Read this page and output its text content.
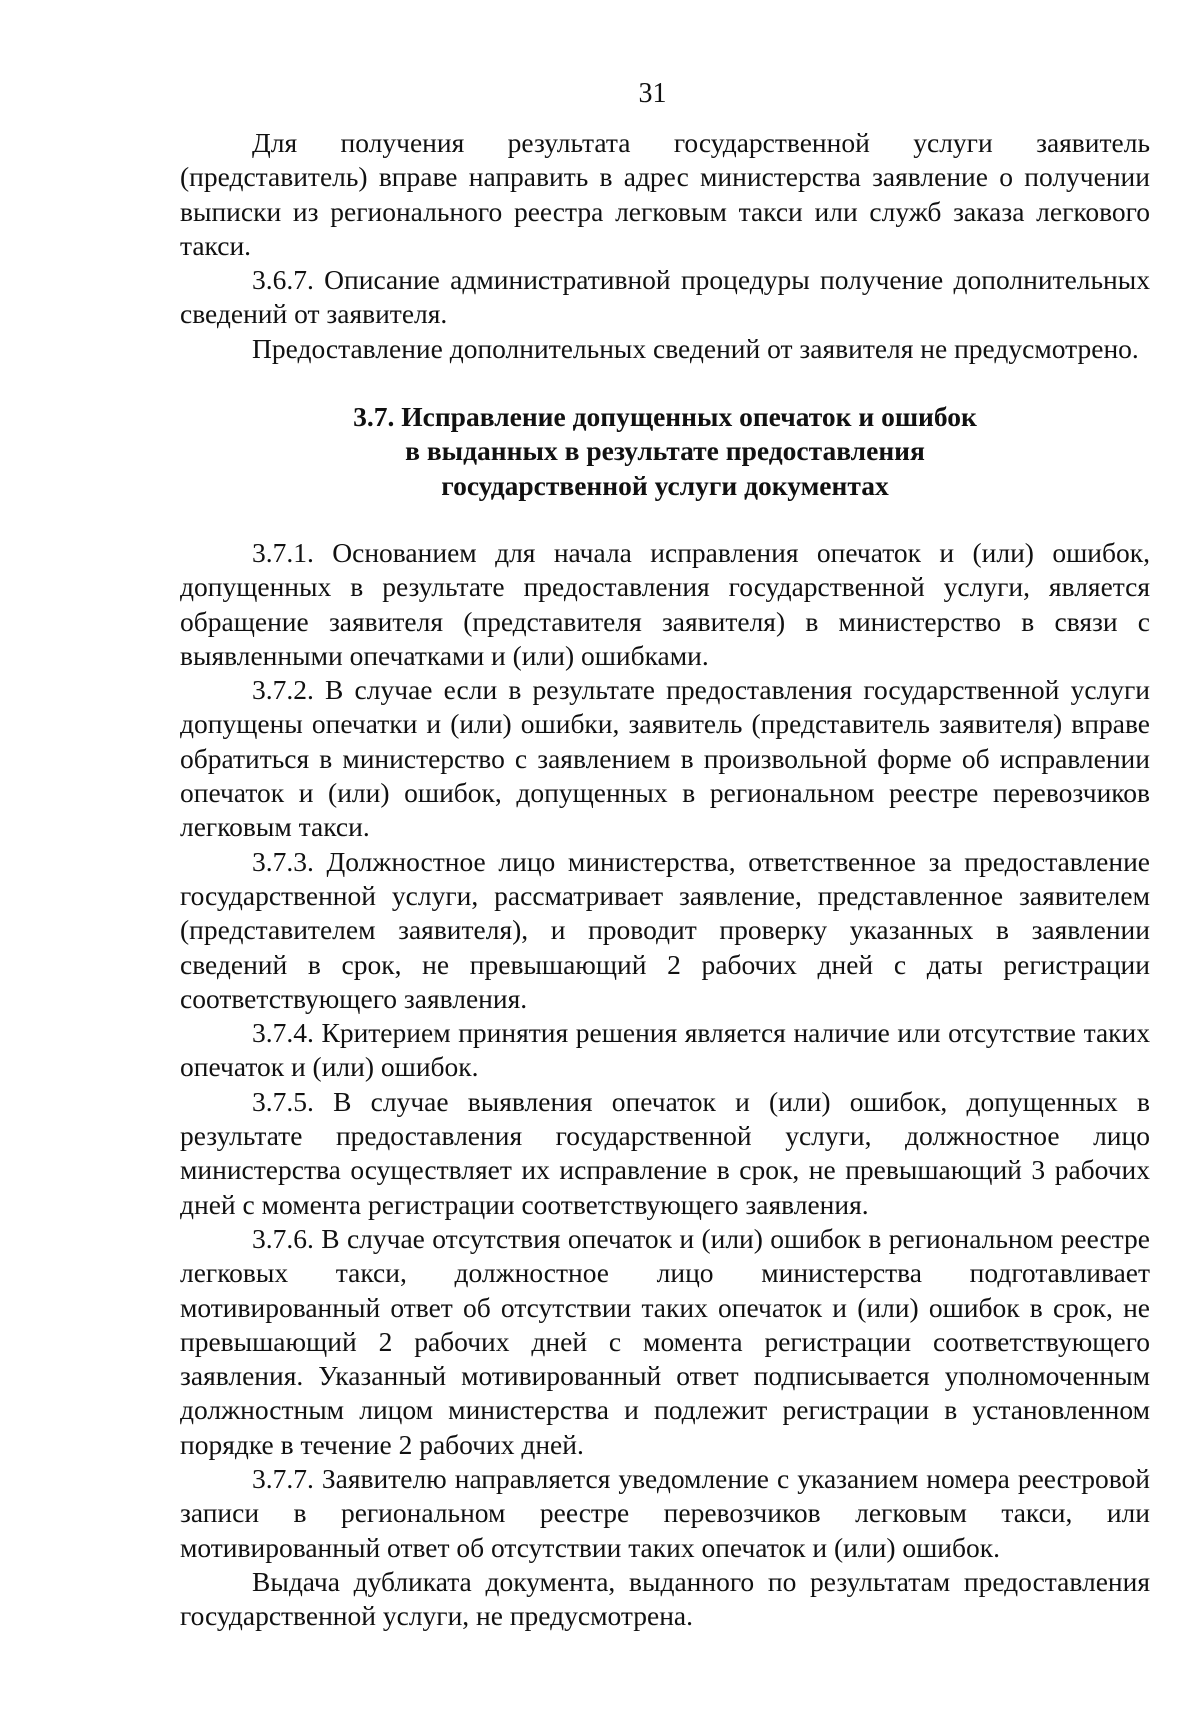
31

Для получения результата государственной услуги заявитель (представитель) вправе направить в адрес министерства заявление о получении выписки из регионального реестра легковым такси или служб заказа легкового такси.

3.6.7. Описание административной процедуры получение дополнительных сведений от заявителя.

Предоставление дополнительных сведений от заявителя не предусмотрено.

3.7. Исправление допущенных опечаток и ошибок
в выданных в результате предоставления
государственной услуги документах

3.7.1. Основанием для начала исправления опечаток и (или) ошибок, допущенных в результате предоставления государственной услуги, является обращение заявителя (представителя заявителя) в министерство в связи с выявленными опечатками и (или) ошибками.

3.7.2. В случае если в результате предоставления государственной услуги допущены опечатки и (или) ошибки, заявитель (представитель заявителя) вправе обратиться в министерство с заявлением в произвольной форме об исправлении опечаток и (или) ошибок, допущенных в региональном реестре перевозчиков легковым такси.

3.7.3. Должностное лицо министерства, ответственное за предоставление государственной услуги, рассматривает заявление, представленное заявителем (представителем заявителя), и проводит проверку указанных в заявлении сведений в срок, не превышающий 2 рабочих дней с даты регистрации соответствующего заявления.

3.7.4. Критерием принятия решения является наличие или отсутствие таких опечаток и (или) ошибок.

3.7.5. В случае выявления опечаток и (или) ошибок, допущенных в результате предоставления государственной услуги, должностное лицо министерства осуществляет их исправление в срок, не превышающий 3 рабочих дней с момента регистрации соответствующего заявления.

3.7.6. В случае отсутствия опечаток и (или) ошибок в региональном реестре легковых такси, должностное лицо министерства подготавливает мотивированный ответ об отсутствии таких опечаток и (или) ошибок в срок, не превышающий 2 рабочих дней с момента регистрации соответствующего заявления. Указанный мотивированный ответ подписывается уполномоченным должностным лицом министерства и подлежит регистрации в установленном порядке в течение 2 рабочих дней.

3.7.7. Заявителю направляется уведомление с указанием номера реестровой записи в региональном реестре перевозчиков легковым такси, или мотивированный ответ об отсутствии таких опечаток и (или) ошибок.

Выдача дубликата документа, выданного по результатам предоставления государственной услуги, не предусмотрена.
